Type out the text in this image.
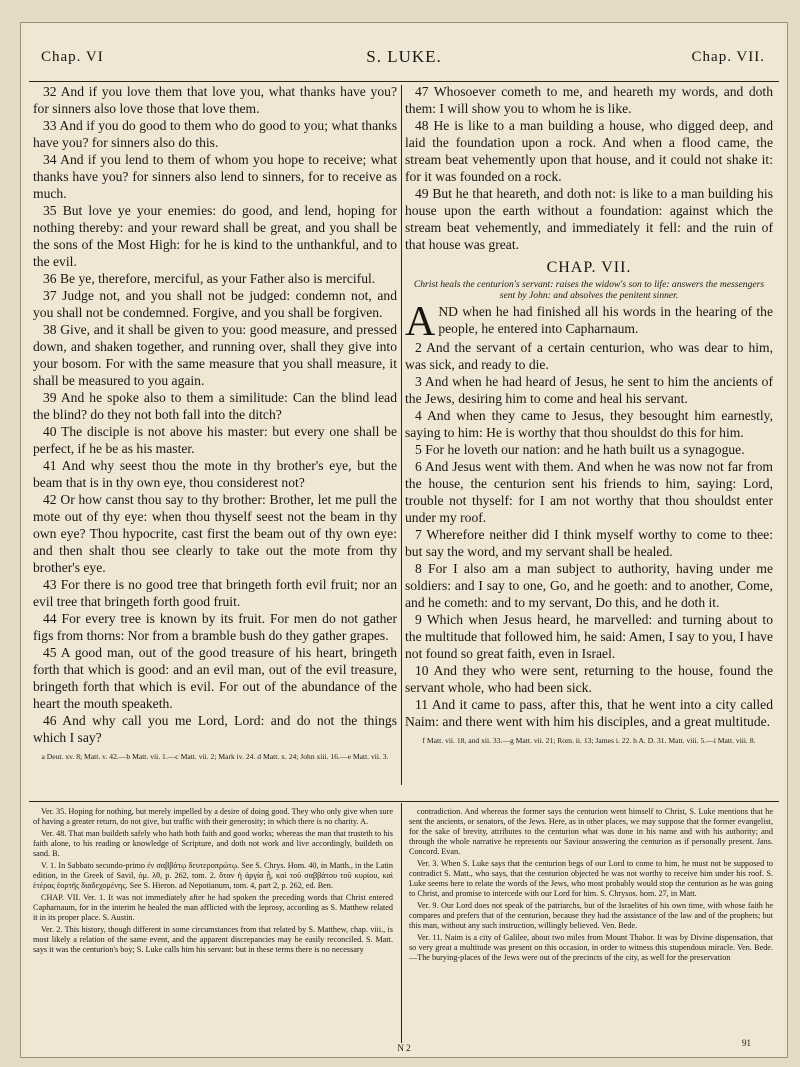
Chap. VI	S. LUKE.	Chap. VII.

32 And if you love them that love you, what thanks have you? for sinners also love those that love them.

33 And if you do good to them who do good to you; what thanks have you? for sinners also do this.

34 And if you lend to them of whom you hope to receive; what thanks have you? for sinners also lend to sinners, for to receive as much.

35 But love ye your enemies: do good, and lend, hoping for nothing thereby: and your reward shall be great, and you shall be the sons of the Most High: for he is kind to the unthankful, and to the evil.

36 Be ye, therefore, merciful, as your Father also is merciful.

37 Judge not, and you shall not be judged: condemn not, and you shall not be condemned. Forgive, and you shall be forgiven.

38 Give, and it shall be given to you: good measure, and pressed down, and shaken together, and running over, shall they give into your bosom. For with the same measure that you shall measure, it shall be measured to you again.

39 And he spoke also to them a similitude: Can the blind lead the blind? do they not both fall into the ditch?

40 The disciple is not above his master: but every one shall be perfect, if he be as his master.

41 And why seest thou the mote in thy brother's eye, but the beam that is in thy own eye, thou considerest not?

42 Or how canst thou say to thy brother: Brother, let me pull the mote out of thy eye: when thou thyself seest not the beam in thy own eye? Thou hypocrite, cast first the beam out of thy own eye: and then shalt thou see clearly to take out the mote from thy brother's eye.

43 For there is no good tree that bringeth forth evil fruit; nor an evil tree that bringeth forth good fruit.

44 For every tree is known by its fruit. For men do not gather figs from thorns: Nor from a bramble bush do they gather grapes.

45 A good man, out of the good treasure of his heart, bringeth forth that which is good: and an evil man, out of the evil treasure, bringeth forth that which is evil. For out of the abundance of the heart the mouth speaketh.

46 And why call you me Lord, Lord: and do not the things which I say?

a Deut. xv. 8; Matt. v. 42.—b Matt. vii. 1.—c Matt. vii. 2; Mark iv. 24. d Matt. x. 24; John xiii. 16.—e Matt. vii. 3.

47 Whosoever cometh to me, and heareth my words, and doth them: I will show you to whom he is like.

48 He is like to a man building a house, who digged deep, and laid the foundation upon a rock. And when a flood came, the stream beat vehemently upon that house, and it could not shake it: for it was founded on a rock.

49 But he that heareth, and doth not: is like to a man building his house upon the earth without a foundation: against which the stream beat vehemently, and immediately it fell: and the ruin of that house was great.

CHAP. VII.
Christ heals the centurion's servant: raises the widow's son to life: answers the messengers sent by John: and absolves the penitent sinner.

AND when he had finished all his words in the hearing of the people, he entered into Capharnaum.

2 And the servant of a certain centurion, who was dear to him, was sick, and ready to die.

3 And when he had heard of Jesus, he sent to him the ancients of the Jews, desiring him to come and heal his servant.

4 And when they came to Jesus, they besought him earnestly, saying to him: He is worthy that thou shouldst do this for him.

5 For he loveth our nation: and he hath built us a synagogue.

6 And Jesus went with them. And when he was now not far from the house, the centurion sent his friends to him, saying: Lord, trouble not thyself: for I am not worthy that thou shouldst enter under my roof.

7 Wherefore neither did I think myself worthy to come to thee: but say the word, and my servant shall be healed.

8 For I also am a man subject to authority, having under me soldiers: and I say to one, Go, and he goeth: and to another, Come, and he cometh: and to my servant, Do this, and he doth it.

9 Which when Jesus heard, he marvelled: and turning about to the multitude that followed him, he said: Amen, I say to you, I have not found so great faith, even in Israel.

10 And they who were sent, returning to the house, found the servant whole, who had been sick.

11 And it came to pass, after this, that he went into a city called Naim: and there went with him his disciples, and a great multitude.

f Matt. vii. 18, and xii. 33.—g Matt. vii. 21; Rom. ii. 13; James i. 22. h A. D. 31. Matt. viii. 5.—i Matt. viii. 8.

Ver. 35. Hoping for nothing, but merely impelled by a desire of doing good. They who only give when sure of having a greater return, do not give, but traffic with their generosity; in which there is no charity. A.

Ver. 48. That man buildeth safely who hath both faith and good works; whereas the man that trusteth to his faith alone, to his reading or knowledge of Scripture, and doth not work and live accordingly, buildeth on sand. B.

V. 1. In Sabbato secundo-primo ἐν σαββάτῳ δευτεροπρώτῳ. See S. Chrys. Hom. 40, in Matth., in the Latin edition, in the Greek of Savil, ὁμ. λθ, p. 262, tom. 2. ὅταν ἡ ἀργία ᾖ, καὶ τοῦ σαββάτου τοῦ κυρίου, καὶ ἑτέρας ἑορτῆς διαδεχομένης. See S. Hieron. ad Nepotianum, tom. 4, part 2, p. 262, ed. Ben.

CHAP. VII. Ver. 1. It was not immediately after he had spoken the preceding words that Christ entered Capharnaum, for in the interim he healed the man afflicted with the leprosy, according as S. Matthew related it in its proper place. S. Austin.

Ver. 2. This history, though different in some circumstances from that related by S. Matthew, chap. viii., is most likely a relation of the same event, and the apparent discrepancies may be easily reconciled. S. Matt. says it was the centurion's boy; S. Luke calls him his servant: but in these terms there is no necessary

contradiction. And whereas the former says the centurion went himself to Christ, S. Luke mentions that he sent the ancients, or senators, of the Jews. Here, as in other places, we may suppose that the former evangelist, for the sake of brevity, attributes to the centurion what was done in his name and with his authority; and through the whole narrative he represents our Saviour answering the centurion as if personally present. Jans. Concord. Evan.

Ver. 3. When S. Luke says that the centurion begs of our Lord to come to him, he must not be supposed to contradict S. Matt., who says, that the centurion objected he was not worthy to receive him under his roof. S. Luke seems here to relate the words of the Jews, who most probably would stop the centurion as he was going to Christ, and promise to intercede with our Lord for him. S. Chrysos. hom. 27, in Matt.

Ver. 9. Our Lord does not speak of the patriarchs, but of the Israelites of his own time, with whose faith he compares and prefers that of the centurion, because they had the assistance of the law and of the prophets; but this man, without any such instruction, willingly believed. Ven. Bede.

Ver. 11. Naim is a city of Galilee, about two miles from Mount Thabor. It was by Divine dispensation, that so very great a multitude was present on this occasion, in order to witness this stupendous miracle. Ven. Bede.—The burying-places of the Jews were out of the precincts of the city, as well for the preservation

N 2	91
